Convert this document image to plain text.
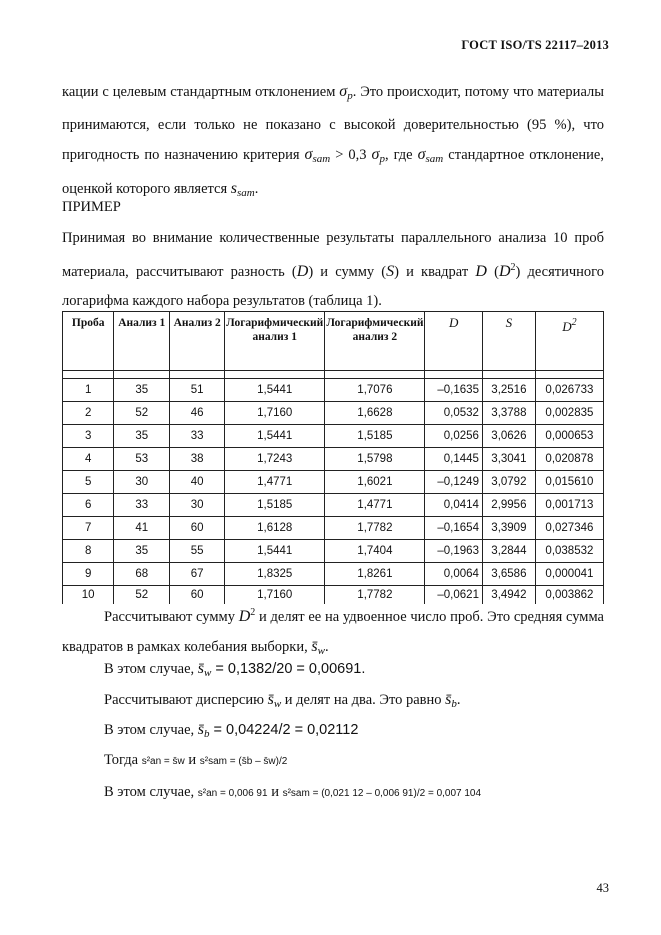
ГОСТ ISO/TS 22117–2013
кации с целевым стандартным отклонением $\sigma_p$. Это происходит, потому что материалы принимаются, если только не показано с высокой доверительностью (95 %), что пригодность по назначению критерия $\sigma_{sam} > 0,3$ $\sigma_p$, где $\sigma_{sam}$ стандартное отклонение, оценкой которого является $s_{sam}$.
ПРИМЕР
Принимая во внимание количественные результаты параллельного анализа 10 проб материала, рассчитывают разность (D) и сумму (S) и квадрат D $(D^2)$ десятичного логарифма каждого набора результатов (таблица 1).
Проба	Анализ 1	Анализ 2	Логарифмический анализ 1	Логарифмический анализ 2	D	S	$D^2$

1	35	51	1,5441	1,7076	–0,1635	3,2516	0,026733
2	52	46	1,7160	1,6628	0,0532	3,3788	0,002835
3	35	33	1,5441	1,5185	0,0256	3,0626	0,000653
4	53	38	1,7243	1,5798	0,1445	3,3041	0,020878
5	30	40	1,4771	1,6021	–0,1249	3,0792	0,015610
6	33	30	1,5185	1,4771	0,0414	2,9956	0,001713
7	41	60	1,6128	1,7782	–0,1654	3,3909	0,027346
8	35	55	1,5441	1,7404	–0,1963	3,2844	0,038532
9	68	67	1,8325	1,8261	0,0064	3,6586	0,000041
10	52	60	1,7160	1,7782	–0,0621	3,4942	0,003862
Рассчитывают сумму $D^2$ и делят ее на удвоенное число проб. Это средняя сумма квадратов в рамках колебания выборки, $s̄_w$.
В этом случае, $s̄_w = 0,1382/20 = 0,00691$.
Рассчитывают дисперсию $s̄_w$ и делят на два. Это равно $s̄_b$.
В этом случае, $s̄_b = 0,04224/2 = 0,02112$
Тогда s²an = s̄w и s²sam = (s̄b – s̄w)/2
В этом случае, s²an = 0,006 91 и s²sam = (0,021 12 – 0,006 91)/2 = 0,007 104
43
